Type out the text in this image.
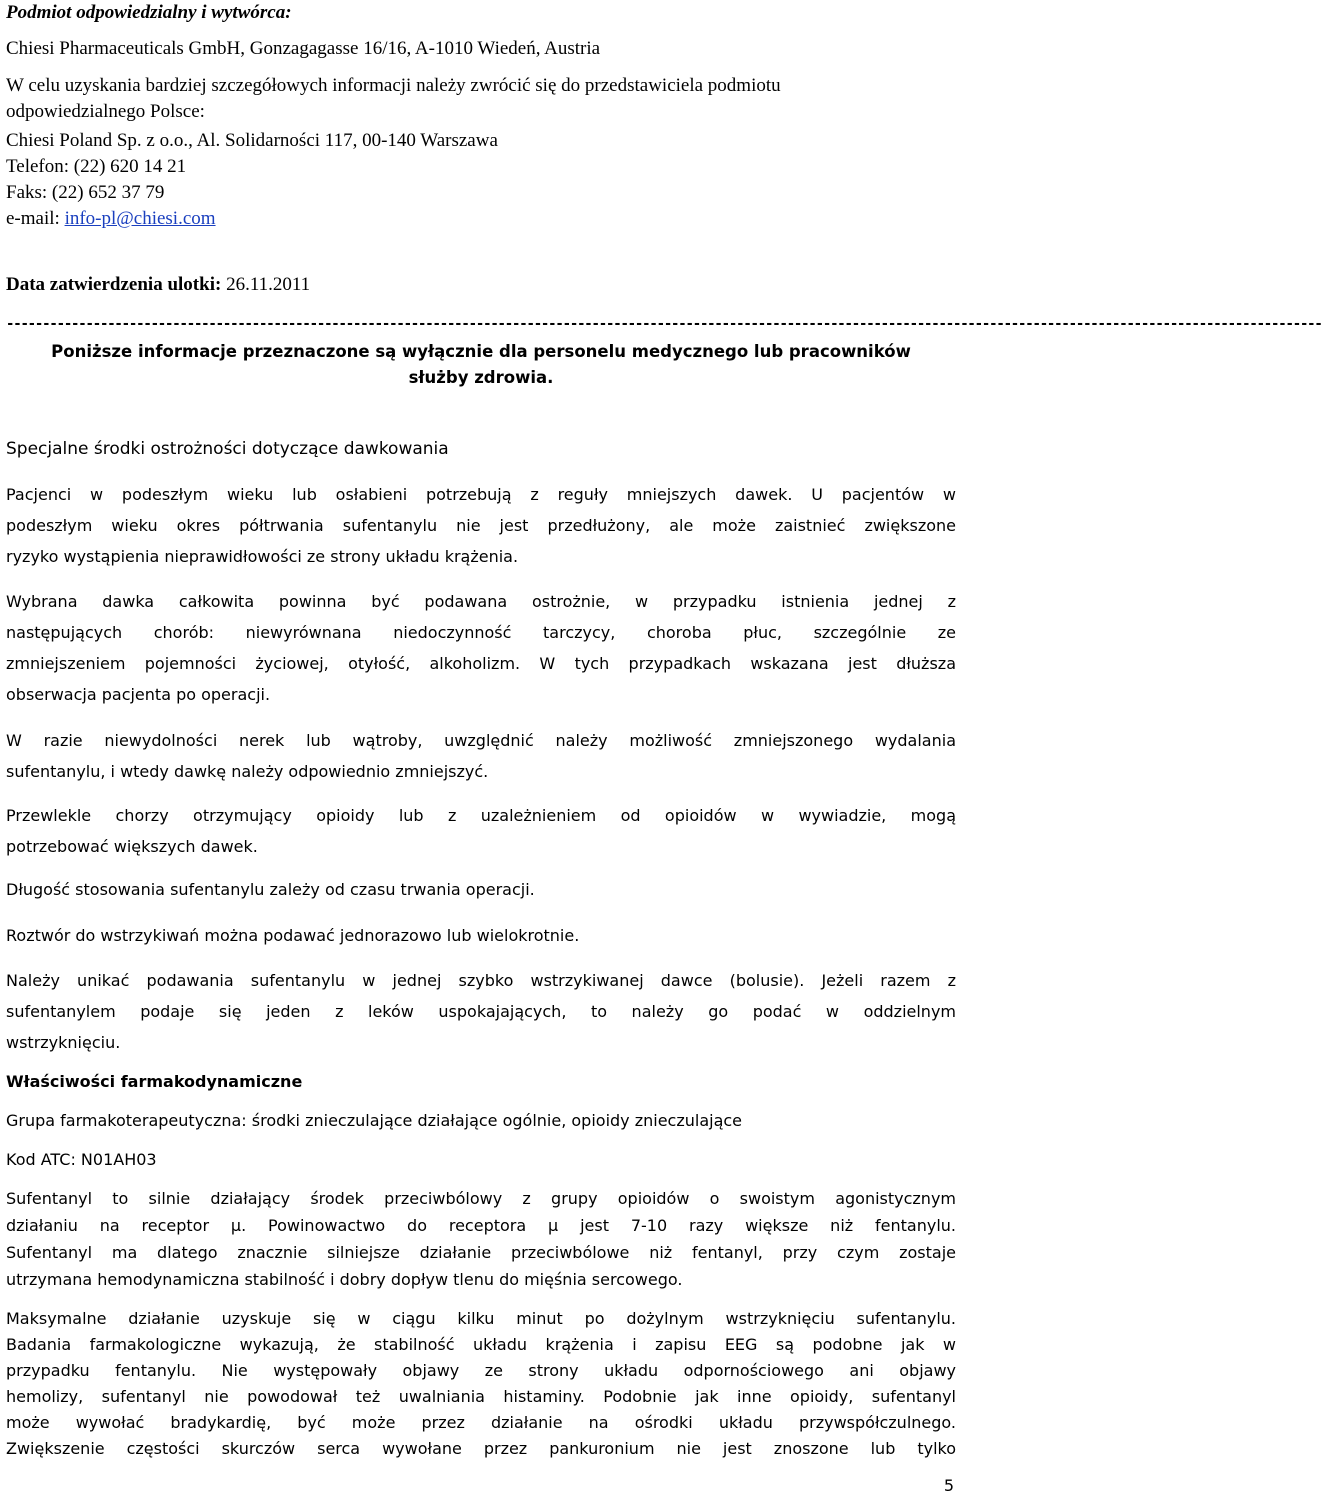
Podmiot odpowiedzialny i wytwórca:
Chiesi Pharmaceuticals GmbH, Gonzagagasse 16/16, A-1010 Wiedeń, Austria
W celu uzyskania bardziej szczegółowych informacji należy zwrócić się do przedstawiciela podmiotu
odpowiedzialnego Polsce:
Chiesi Poland Sp. z o.o., Al. Solidarności 117, 00-140 Warszawa
Telefon: (22) 620 14 21
Faks: (22) 652 37 79
e-mail: info-pl@chiesi.com
Data zatwierdzenia ulotki: 26.11.2011
--------------------------------------------------------------------------------------------------------------------------------------------------------------------------------------
Poniższe informacje przeznaczone są wyłącznie dla personelu medycznego lub pracowników
służby zdrowia.
Specjalne środki ostrożności dotyczące dawkowania
Pacjenci w podeszłym wieku lub osłabieni potrzebują z reguły mniejszych dawek. U pacjentów w
podeszłym wieku okres półtrwania sufentanylu nie jest przedłużony, ale może zaistnieć zwiększone
ryzyko wystąpienia nieprawidłowości ze strony układu krążenia.
Wybrana dawka całkowita powinna być podawana ostrożnie, w przypadku istnienia jednej z
następujących chorób: niewyrównana niedoczynność tarczycy, choroba płuc, szczególnie ze
zmniejszeniem pojemności życiowej, otyłość, alkoholizm. W tych przypadkach wskazana jest dłuższa
obserwacja pacjenta po operacji.
W razie niewydolności nerek lub wątroby, uwzględnić należy możliwość zmniejszonego wydalania
sufentanylu, i wtedy dawkę należy odpowiednio zmniejszyć.
Przewlekle chorzy otrzymujący opioidy lub z uzależnieniem od opioidów w wywiadzie, mogą
potrzebować większych dawek.
Długość stosowania sufentanylu zależy od czasu trwania operacji.
Roztwór do wstrzykiwań można podawać jednorazowo lub wielokrotnie.
Należy unikać podawania sufentanylu w jednej szybko wstrzykiwanej dawce (bolusie). Jeżeli razem z
sufentanylem podaje się jeden z leków uspokajających, to należy go podać w oddzielnym
wstrzyknięciu.
Właściwości farmakodynamiczne
Grupa farmakoterapeutyczna: środki znieczulające działające ogólnie, opioidy znieczulające
Kod ATC: N01AH03
Sufentanyl to silnie działający środek przeciwbólowy z grupy opioidów o swoistym agonistycznym
działaniu na receptor μ. Powinowactwo do receptora μ jest 7-10 razy większe niż fentanylu.
Sufentanyl ma dlatego znacznie silniejsze działanie przeciwbólowe niż fentanyl, przy czym zostaje
utrzymana hemodynamiczna stabilność i dobry dopływ tlenu do mięśnia sercowego.
Maksymalne działanie uzyskuje się w ciągu kilku minut po dożylnym wstrzyknięciu sufentanylu.
Badania farmakologiczne wykazują, że stabilność układu krążenia i zapisu EEG są podobne jak w
przypadku fentanylu. Nie występowały objawy ze strony układu odpornościowego ani objawy
hemolizy, sufentanyl nie powodował też uwalniania histaminy. Podobnie jak inne opioidy, sufentanyl
może wywołać bradykardię, być może przez działanie na ośrodki układu przywspółczulnego.
Zwiększenie częstości skurczów serca wywołane przez pankuronium nie jest znoszone lub tylko
5
